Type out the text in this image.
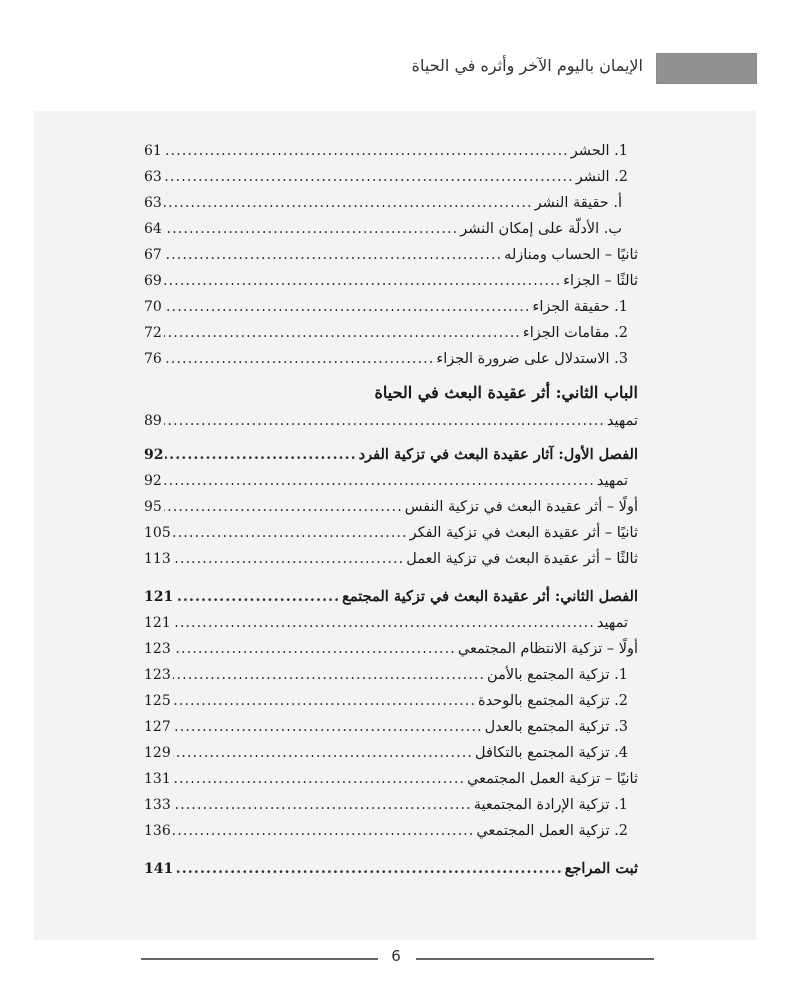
الإيمان باليوم الآخر وأثره في الحياة
1. الحشر
.....
61
2. النشر
.....
63
أ. حقيقة النشر
.....
63
ب. الأدلّة على إمكان النشر
.....
64
ثانيًا – الحساب ومنازله
.....
67
ثالثًا – الجزاء
.....
69
1. حقيقة الجزاء
.....
70
2. مقامات الجزاء
.....
72
3. الاستدلال على ضرورة الجزاء
.....
76
الباب الثاني: أثر عقيدة البعث في الحياة
تمهيد
.....
89
الفصل الأول: آثار عقيدة البعث في تزكية الفرد
.....
92
تمهيد
.....
92
أولًا – أثر عقيدة البعث في تزكية النفس
.....
95
ثانيًا – أثر عقيدة البعث في تزكية الفكر
.....
105
ثالثًا – أثر عقيدة البعث في تزكية العمل
.....
113
الفصل الثاني: أثر عقيدة البعث في تزكية المجتمع
.....
121
تمهيد
.....
121
أولًا – تزكية الانتظام المجتمعي
.....
123
1. تزكية المجتمع بالأمن
.....
123
2. تزكية المجتمع بالوحدة
.....
125
3. تزكية المجتمع بالعدل
.....
127
4. تزكية المجتمع بالتكافل
.....
129
ثانيًا – تزكية العمل المجتمعي
.....
131
1. تزكية الإرادة المجتمعية
.....
133
2. تزكية العمل المجتمعي
.....
136
ثبت المراجع
.....
141
6
